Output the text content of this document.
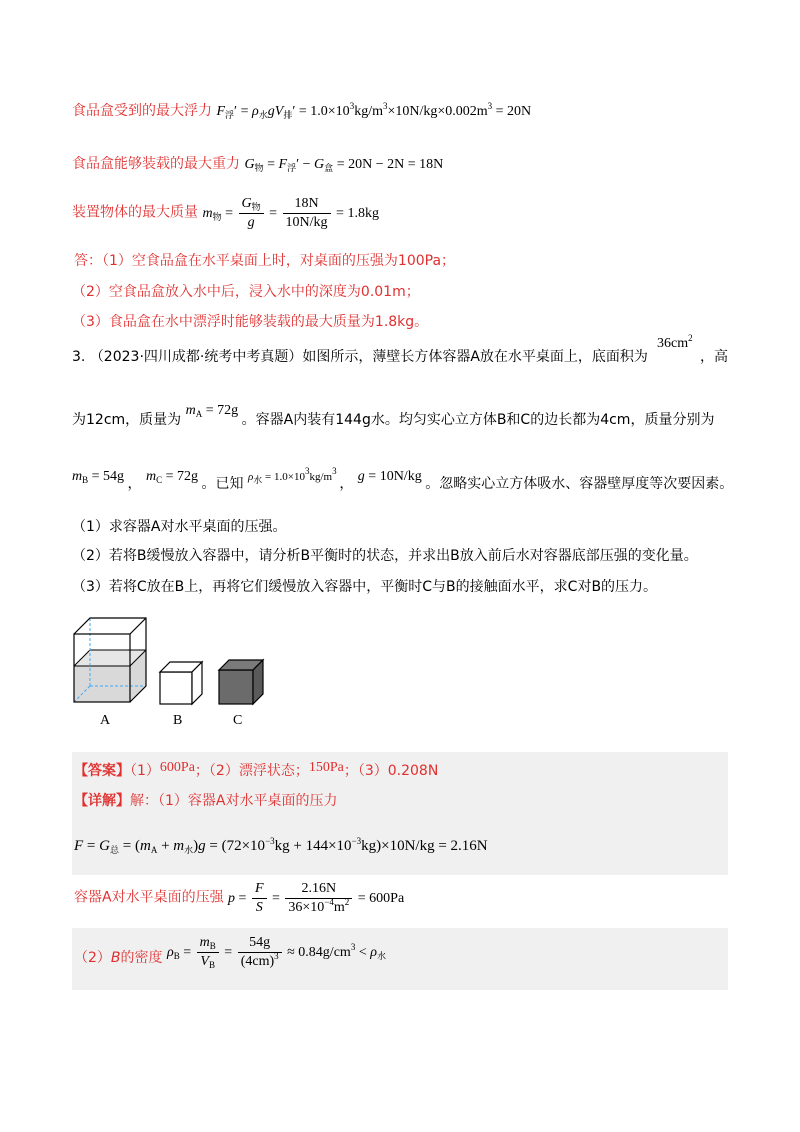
食品盒受到的最大浮力 $F_浮' = \rho_水gV_排' = 1.0\times 10^3kg/m^3\times 10N/kg\times 0.002m^3 = 20N$
食品盒能够装载的最大重力 $G_物 = F_浮' - G_盒 = 20N - 2N = 18N$
装置物体的最大质量 $m_物 = \frac{G_物}{g} = \frac{18N}{10N/kg} = 1.8kg$
答：（1）空食品盒在水平桌面上时，对桌面的压强为100Pa；
（2）空食品盒放入水中后，浸入水中的深度为0.01m；
（3）食品盒在水中漂浮时能够装载的最大质量为1.8kg。
3. （2023·四川成都·统考中考真题）如图所示，薄壁长方体容器A放在水平桌面上，底面积为
$36cm^2$
，高
为12cm，质量为 $m_A = 72g$ 。容器A内装有144g水。均匀实心立方体B和C的边长都为4cm，质量分别为
$m_B = 54g$ ， $m_C = 72g$ 。已知 $^{\rho_水 = 1.0\times 10^3kg/m^3}$ ， g = 10N/kg 。忽略实心立方体吸水、容器壁厚度等次要因素。
（1）求容器A对水平桌面的压强。
（2）若将B缓慢放入容器中，请分析B平衡时的状态，并求出B放入前后水对容器底部压强的变化量。
（3）若将C放在B上，再将它们缓慢放入容器中，平衡时C与B的接触面水平，求C对B的压力。
A	B	C
【答案】（1）600Pa；（2）漂浮状态；150Pa；（3）0.208N
【详解】解：（1）容器A对水平桌面的压力
$F = G_总 = (m_A + m_水)g = (72\times 10^{-3}kg + 144\times 10^{-3}kg)\times 10N/kg = 2.16N$
容器A对水平桌面的压强 $p = \frac{F}{S} = \frac{2.16N}{36\times 10^{-4}m^2} = 600Pa$
（2）B的密度 $\rho_B = \frac{m_B}{V_B} = \frac{54g}{(4cm)^3} \approx 0.84g/cm^3 < \rho_水$
